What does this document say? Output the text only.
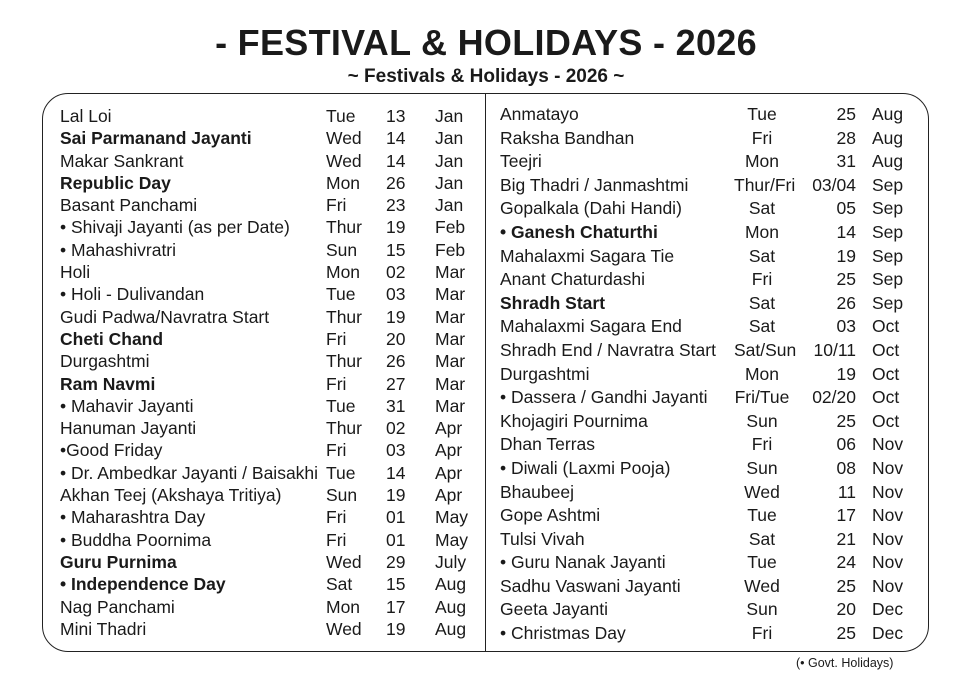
- FESTIVAL & HOLIDAYS - 2026
~ Festivals & Holidays - 2026 ~
Lal Loi	Tue 13 Jan
Sai Parmanand Jayanti	Wed 14 Jan
Makar Sankrant	Wed 14 Jan
Republic Day	Mon 26 Jan
Basant Panchami	Fri 23 Jan
• Shivaji Jayanti (as per Date) Thur 19 Feb
• Mahashivratri	Sun 15 Feb
Holi	Mon 02 Mar
• Holi - Dulivandan	Tue 03 Mar
Gudi Padwa/Navratra Start	Thur 19 Mar
Cheti Chand	Fri 20 Mar
Durgashtmi	Thur 26 Mar
Ram Navmi	Fri 27 Mar
• Mahavir Jayanti	Tue 31 Mar
Hanuman Jayanti	Thur 02 Apr
•Good Friday	Fri 03 Apr
• Dr. Ambedkar Jayanti / Baisakhi Tue 14 Apr
Akhan Teej (Akshaya Tritiya)	Sun 19 Apr
• Maharashtra Day	Fri 01 May
• Buddha Poornima	Fri 01 May
Guru Purnima	Wed 29 July
• Independence Day	Sat 15 Aug
Nag Panchami	Mon 17 Aug
Mini Thadri	Wed 19 Aug
Anmatayo	Tue	25 Aug
Raksha Bandhan	Fri	28 Aug
Teejri	Mon	31 Aug
Big Thadri / Janmashtmi	Thur/Fri 03/04 Sep
Gopalkala (Dahi Handi)	Sat	05 Sep
• Ganesh Chaturthi	Mon	14 Sep
Mahalaxmi Sagara Tie	Sat	19 Sep
Anant Chaturdashi	Fri	25 Sep
Shradh Start	Sat	26 Sep
Mahalaxmi Sagara End	Sat	03 Oct
Shradh End / Navratra Start Sat/Sun 10/11 Oct
Durgashtmi	Mon	19 Oct
• Dassera / Gandhi Jayanti Fri/Tue	02/20 Oct
Khojagiri Pournima	Sun	25 Oct
Dhan Terras	Fri	06 Nov
• Diwali (Laxmi Pooja)	Sun	08 Nov
Bhaubeej	Wed	11 Nov
Gope Ashtmi	Tue	17 Nov
Tulsi Vivah	Sat	21 Nov
• Guru Nanak Jayanti	Tue	24 Nov
Sadhu Vaswani Jayanti	Wed	25 Nov
Geeta Jayanti	Sun	20 Dec
• Christmas Day	Fri	25 Dec
(• Govt. Holidays)
